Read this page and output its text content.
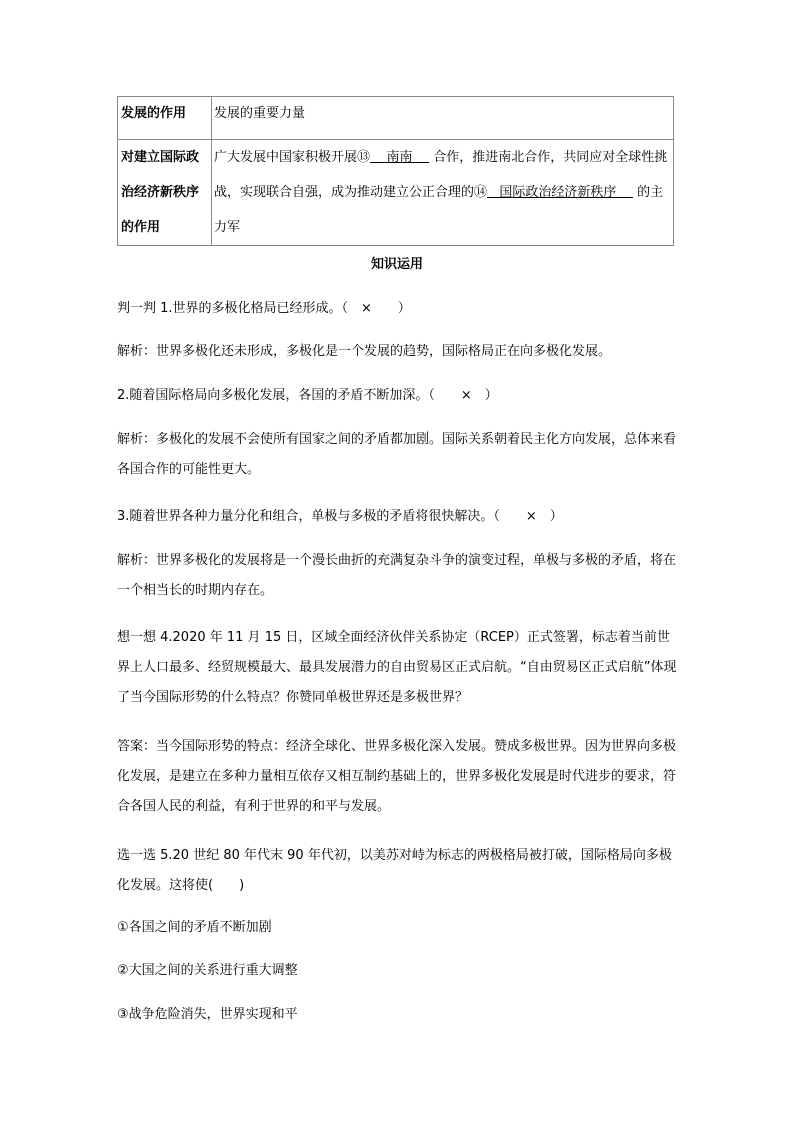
发展的作用	发展的重要力量
对建立国际政治经济新秩序的作用	广大发展中国家积极开展⑬    南南     合作，推进南北合作，共同应对全球性挑战，实现联合自强，成为推动建立公正合理的⑭   国际政治经济新秩序     的主力军
知识运用

判一判 1.世界的多极化格局已经形成。（　×　　）

解析：世界多极化还未形成，多极化是一个发展的趋势，国际格局正在向多极化发展。

2.随着国际格局向多极化发展，各国的矛盾不断加深。（　　×　）

解析：多极化的发展不会使所有国家之间的矛盾都加剧。国际关系朝着民主化方向发展，总体来看各国合作的可能性更大。

3.随着世界各种力量分化和组合，单极与多极的矛盾将很快解决。（　　×　）

解析：世界多极化的发展将是一个漫长曲折的充满复杂斗争的演变过程，单极与多极的矛盾，将在一个相当长的时期内存在。

想一想 4.2020 年 11 月 15 日，区域全面经济伙伴关系协定（RCEP）正式签署，标志着当前世界上人口最多、经贸规模最大、最具发展潜力的自由贸易区正式启航。“自由贸易区正式启航”体现了当今国际形势的什么特点？你赞同单极世界还是多极世界？

答案：当今国际形势的特点：经济全球化、世界多极化深入发展。赞成多极世界。因为世界向多极化发展，是建立在多种力量相互依存又相互制约基础上的，世界多极化发展是时代进步的要求，符合各国人民的利益，有利于世界的和平与发展。

选一选 5.20 世纪 80 年代末 90 年代初，以美苏对峙为标志的两极格局被打破，国际格局向多极化发展。这将使(　　)

①各国之间的矛盾不断加剧

②大国之间的关系进行重大调整

③战争危险消失，世界实现和平
